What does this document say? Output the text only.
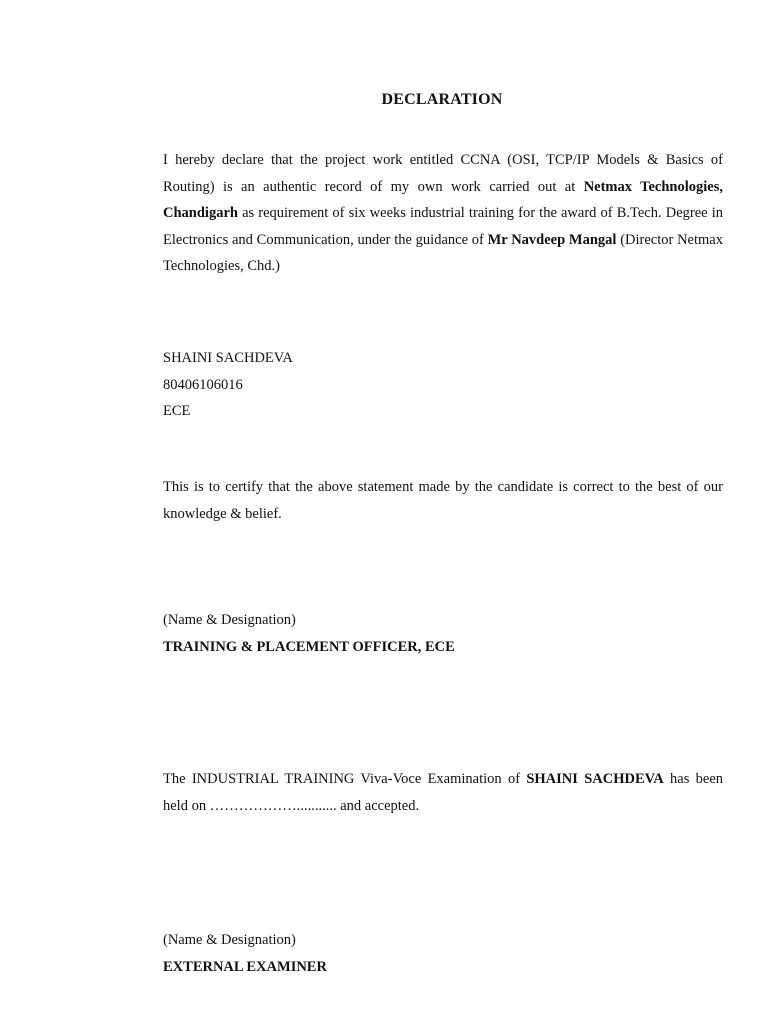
DECLARATION
I hereby declare that the project work entitled CCNA (OSI, TCP/IP Models & Basics of Routing) is an authentic record of my own work carried out at Netmax Technologies, Chandigarh as requirement of six weeks industrial training for the award of B.Tech. Degree in Electronics and Communication, under the guidance of Mr Navdeep Mangal (Director Netmax Technologies, Chd.)
SHAINI SACHDEVA
80406106016
ECE
This is to certify that the above statement made by the candidate is correct to the best of our knowledge & belief.
(Name & Designation)
TRAINING & PLACEMENT OFFICER, ECE
The INDUSTRIAL TRAINING Viva-Voce Examination of SHAINI SACHDEVA has been held on ………………........... and accepted.
(Name & Designation)
EXTERNAL EXAMINER
